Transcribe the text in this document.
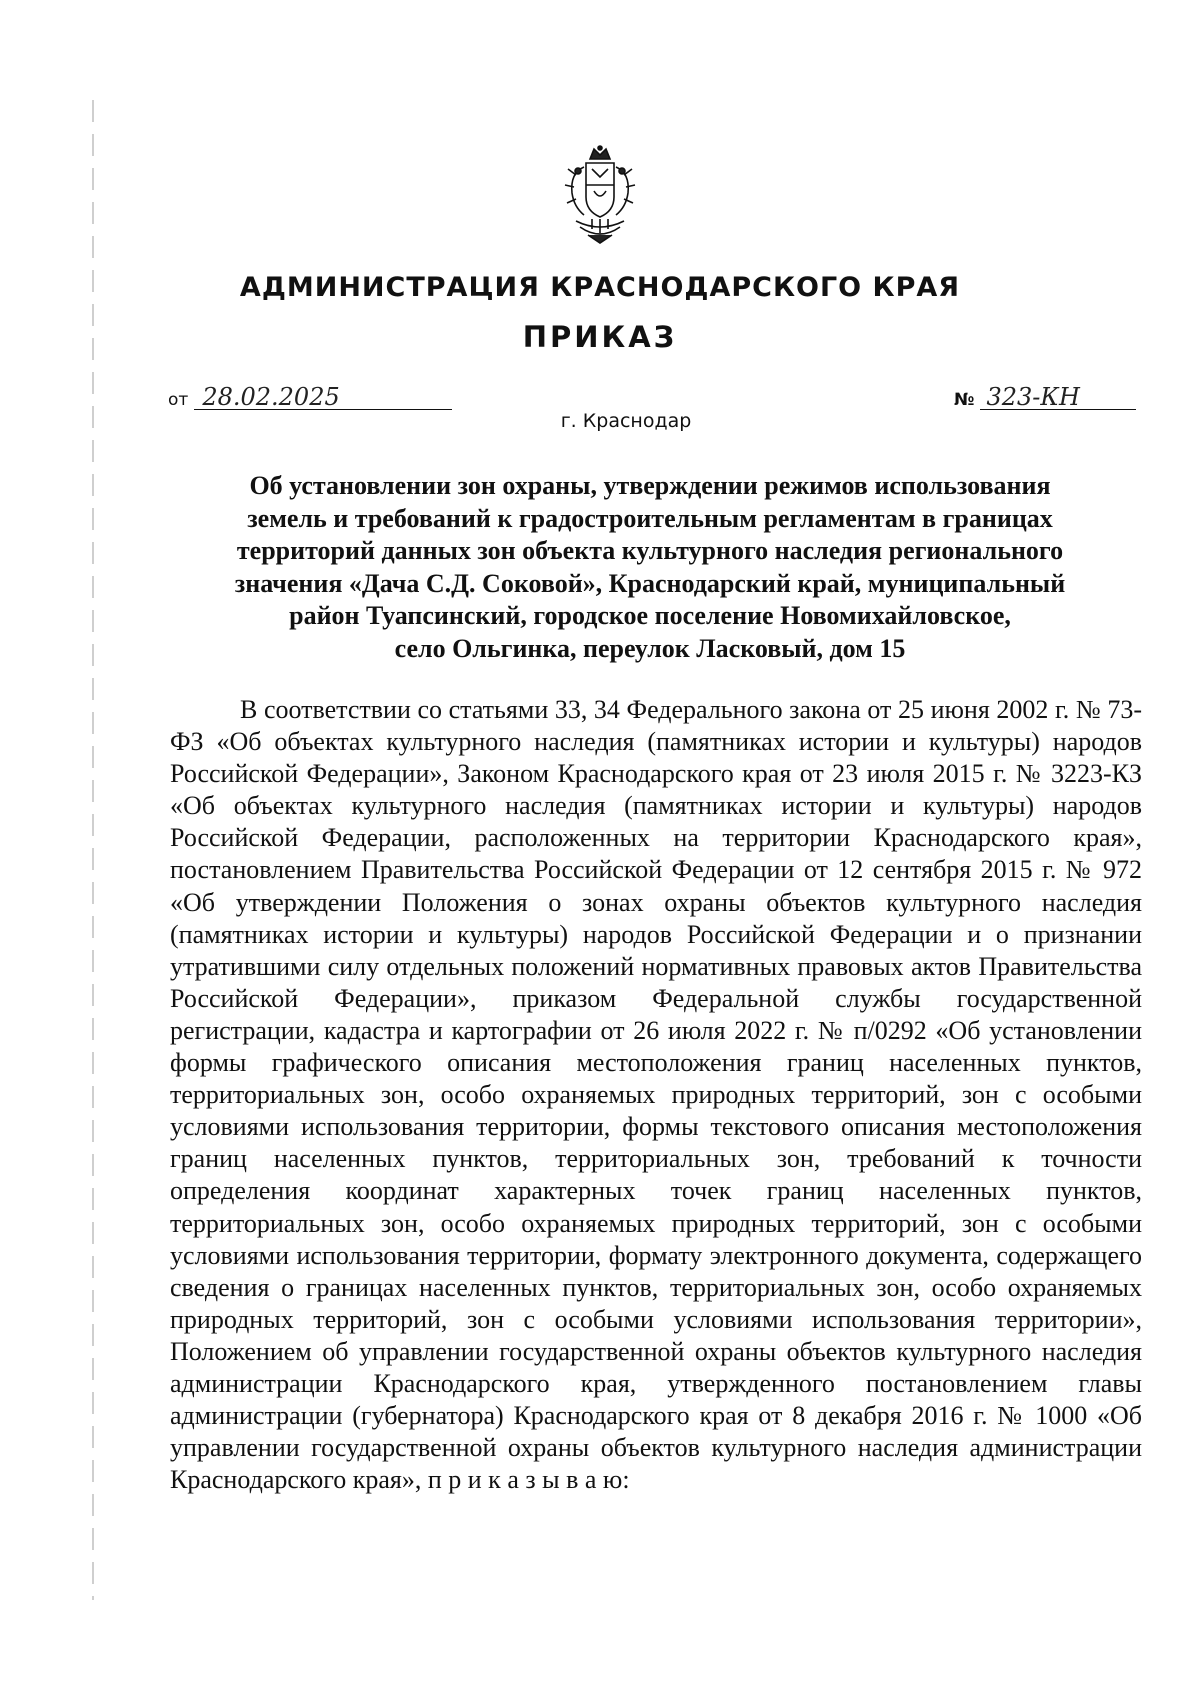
АДМИНИСТРАЦИЯ КРАСНОДАРСКОГО КРАЯ
ПРИКАЗ
от 28.02.2025	№ 323-КН
г. Краснодар
Об установлении зон охраны, утверждении режимов использования
земель и требований к градостроительным регламентам в границах
территорий данных зон объекта культурного наследия регионального
значения «Дача С.Д. Соковой», Краснодарский край, муниципальный
район Туапсинский, городское поселение Новомихайловское,
село Ольгинка, переулок Ласковый, дом 15

В соответствии со статьями 33, 34 Федерального закона от 25 июня 2002 г. № 73-ФЗ «Об объектах культурного наследия (памятниках истории и культуры) народов Российской Федерации», Законом Краснодарского края от 23 июля 2015 г. № 3223-КЗ «Об объектах культурного наследия (памятниках истории и культуры) народов Российской Федерации, расположенных на территории Краснодарского края», постановлением Правительства Российской Федерации от 12 сентября 2015 г. № 972 «Об утверждении Положения о зонах охраны объектов культурного наследия (памятниках истории и культуры) народов Российской Федерации и о признании утратившими силу отдельных положений нормативных правовых актов Правительства Российской Федерации», приказом Федеральной службы государственной регистрации, кадастра и картографии от 26 июля 2022 г. № п/0292 «Об установлении формы графического описания местоположения границ населенных пунктов, территориальных зон, особо охраняемых природных территорий, зон с особыми условиями использования территории, формы текстового описания местоположения границ населенных пунктов, территориальных зон, требований к точности определения координат характерных точек границ населенных пунктов, территориальных зон, особо охраняемых природных территорий, зон с особыми условиями использования территории, формату электронного документа, содержащего сведения о границах населенных пунктов, территориальных зон, особо охраняемых природных территорий, зон с особыми условиями использования территории», Положением об управлении государственной охраны объектов культурного наследия администрации Краснодарского края, утвержденного постановлением главы администрации (губернатора) Краснодарского края от 8 декабря 2016 г. № 1000 «Об управлении государственной охраны объектов культурного наследия администрации Краснодарского края», п р и к а з ы в а ю:
